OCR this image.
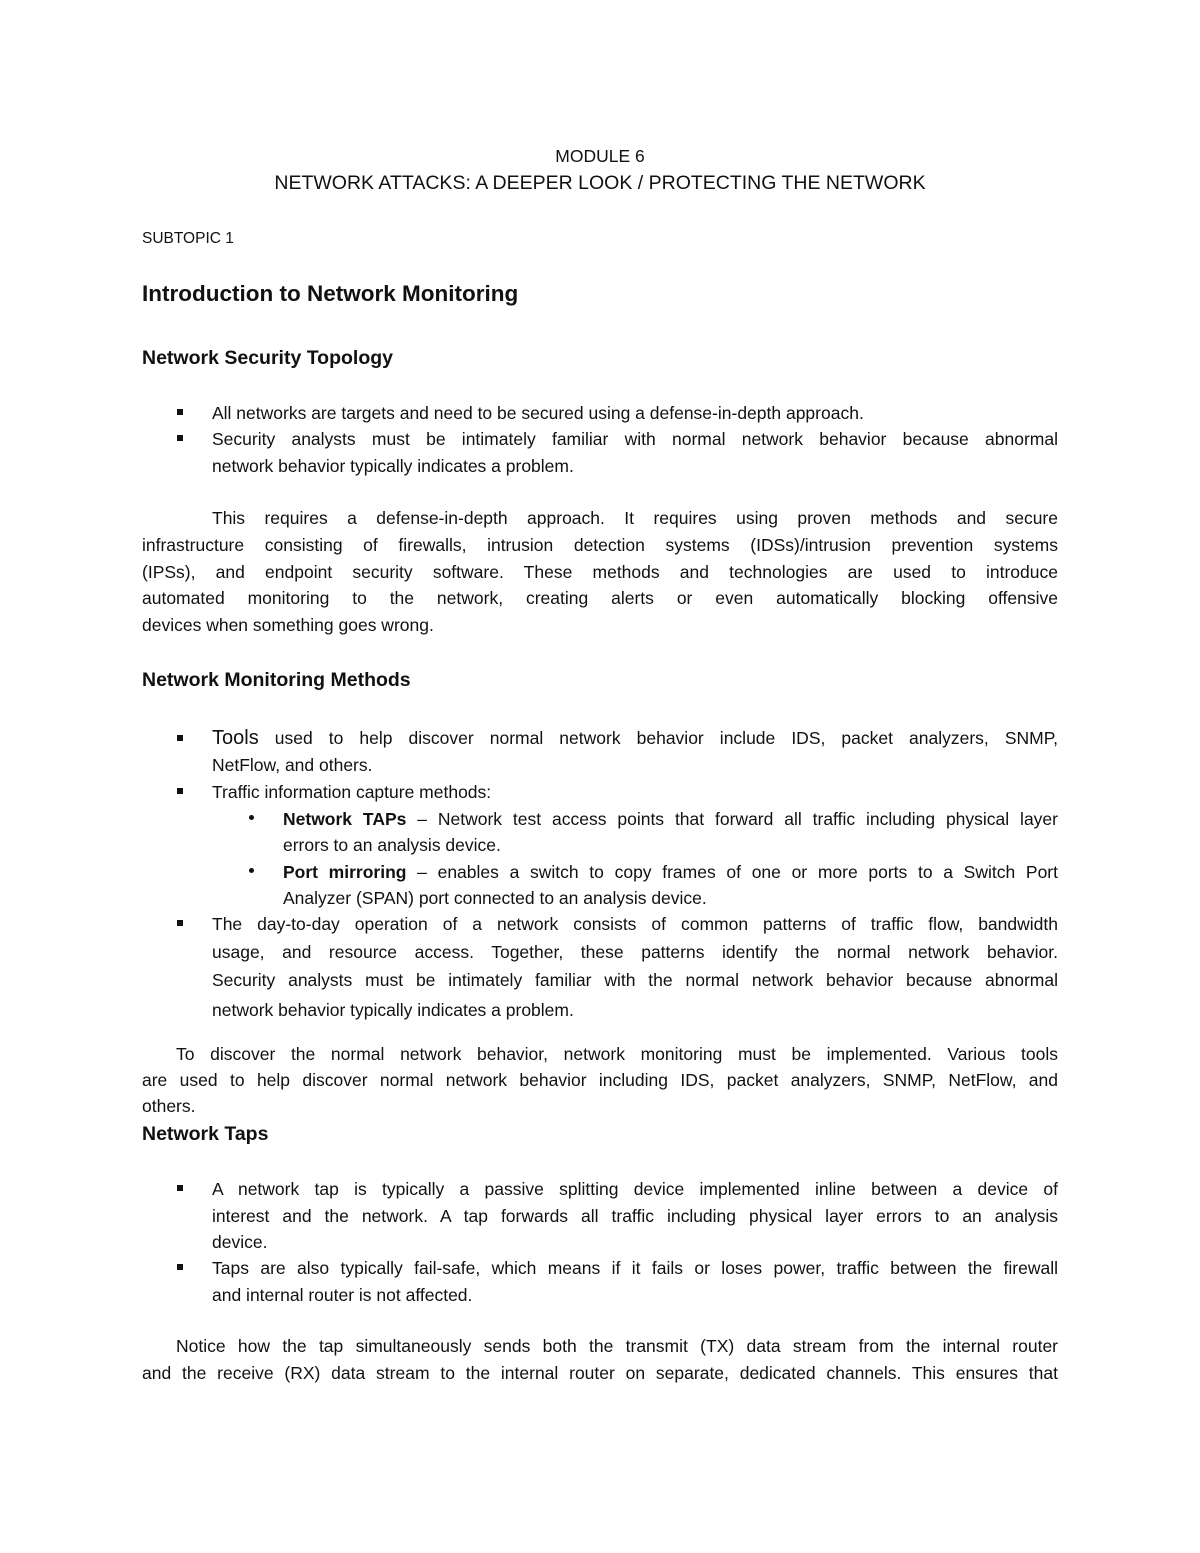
MODULE 6
NETWORK ATTACKS: A DEEPER LOOK / PROTECTING THE NETWORK
SUBTOPIC 1
Introduction to Network Monitoring
Network Security Topology
All networks are targets and need to be secured using a defense-in-depth approach.
Security analysts must be intimately familiar with normal network behavior because abnormal
network behavior typically indicates a problem.
This requires a defense-in-depth approach. It requires using proven methods and secure
infrastructure consisting of firewalls, intrusion detection systems (IDSs)/intrusion prevention systems
(IPSs), and endpoint security software. These methods and technologies are used to introduce
automated monitoring to the network, creating alerts or even automatically blocking offensive
devices when something goes wrong.
Network Monitoring Methods
Tools used to help discover normal network behavior include IDS, packet analyzers, SNMP,
NetFlow, and others.
Traffic information capture methods:
Network TAPs – Network test access points that forward all traffic including physical layer
errors to an analysis device.
Port mirroring – enables a switch to copy frames of one or more ports to a Switch Port
Analyzer (SPAN) port connected to an analysis device.
The day-to-day operation of a network consists of common patterns of traffic flow, bandwidth
usage, and resource access. Together, these patterns identify the normal network behavior.
Security analysts must be intimately familiar with the normal network behavior because abnormal
network behavior typically indicates a problem.
To discover the normal network behavior, network monitoring must be implemented. Various tools
are used to help discover normal network behavior including IDS, packet analyzers, SNMP, NetFlow, and
others.
Network Taps
A network tap is typically a passive splitting device implemented inline between a device of
interest and the network. A tap forwards all traffic including physical layer errors to an analysis
device.
Taps are also typically fail-safe, which means if it fails or loses power, traffic between the firewall
and internal router is not affected.
Notice how the tap simultaneously sends both the transmit (TX) data stream from the internal router
and the receive (RX) data stream to the internal router on separate, dedicated channels. This ensures that
